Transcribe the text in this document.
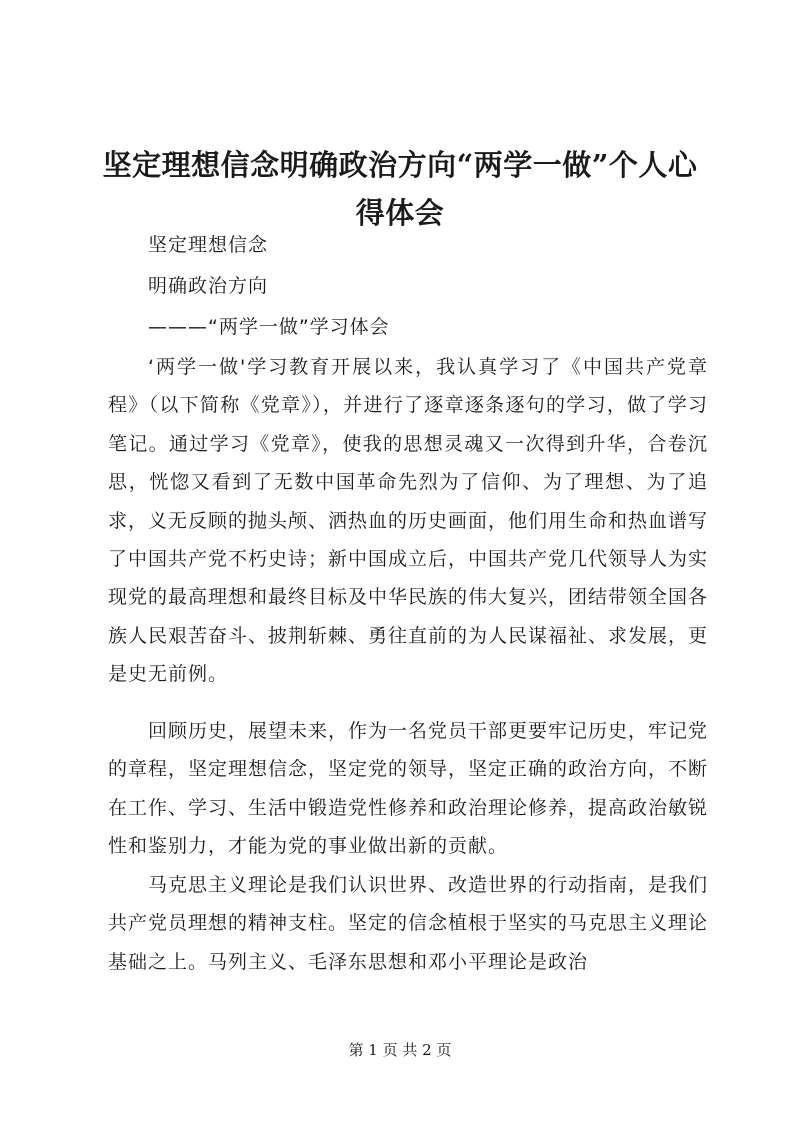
坚定理想信念明确政治方向“两学一做”个人心得体会

坚定理想信念

明确政治方向

———“两学一做”学习体会

‘两学一做'学习教育开展以来，我认真学习了《中国共产党章程》（以下简称《党章》），并进行了逐章逐条逐句的学习，做了学习笔记。通过学习《党章》，使我的思想灵魂又一次得到升华，合卷沉思，恍惚又看到了无数中国革命先烈为了信仰、为了理想、为了追求，义无反顾的抛头颅、洒热血的历史画面，他们用生命和热血谱写了中国共产党不朽史诗；新中国成立后，中国共产党几代领导人为实现党的最高理想和最终目标及中华民族的伟大复兴，团结带领全国各族人民艰苦奋斗、披荆斩棘、勇往直前的为人民谋福祉、求发展，更是史无前例。

回顾历史，展望未来，作为一名党员干部更要牢记历史，牢记党的章程，坚定理想信念，坚定党的领导，坚定正确的政治方向，不断在工作、学习、生活中锻造党性修养和政治理论修养，提高政治敏锐性和鉴别力，才能为党的事业做出新的贡献。

马克思主义理论是我们认识世界、改造世界的行动指南，是我们共产党员理想的精神支柱。坚定的信念植根于坚实的马克思主义理论基础之上。马列主义、毛泽东思想和邓小平理论是政治

第 1 页 共 2 页
